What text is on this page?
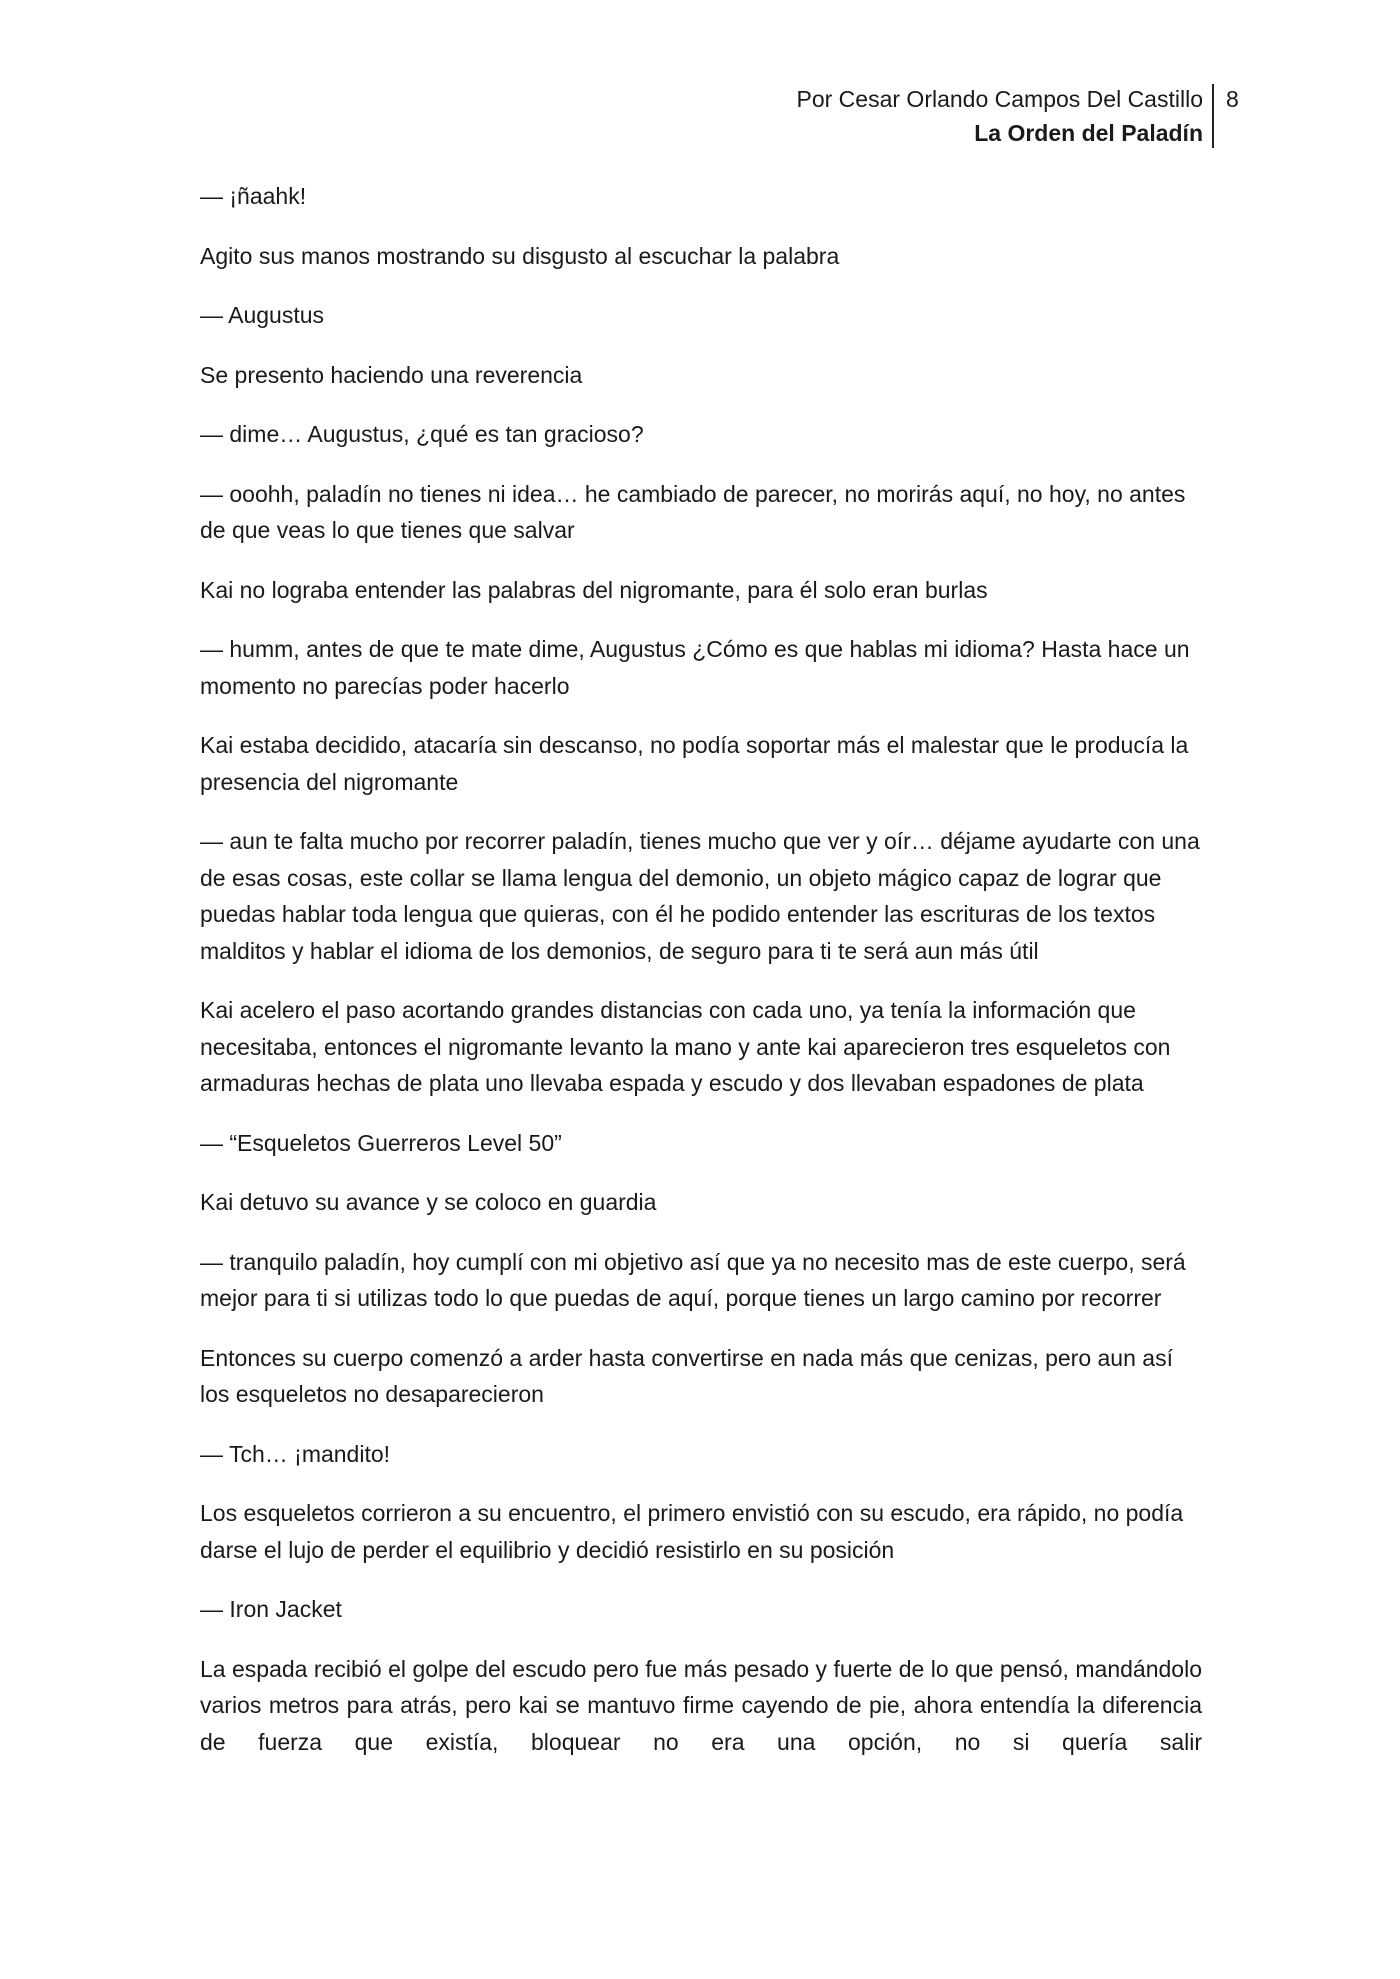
Por Cesar Orlando Campos Del Castillo
La Orden del Paladín
8

— ¡ñaahk!

Agito sus manos mostrando su disgusto al escuchar la palabra

— Augustus

Se presento haciendo una reverencia

— dime… Augustus, ¿qué es tan gracioso?

— ooohh, paladín no tienes ni idea… he cambiado de parecer, no morirás aquí, no hoy, no antes de que veas lo que tienes que salvar

Kai no lograba entender las palabras del nigromante, para él solo eran burlas

— humm, antes de que te mate dime, Augustus ¿Cómo es que hablas mi idioma? Hasta hace un momento no parecías poder hacerlo

Kai estaba decidido, atacaría sin descanso, no podía soportar más el malestar que le producía la presencia del nigromante

— aun te falta mucho por recorrer paladín, tienes mucho que ver y oír… déjame ayudarte con una de esas cosas, este collar se llama lengua del demonio, un objeto mágico capaz de lograr que puedas hablar toda lengua que quieras, con él he podido entender las escrituras de los textos malditos y hablar el idioma de los demonios, de seguro para ti te será aun más útil

Kai acelero el paso acortando grandes distancias con cada uno, ya tenía la información que necesitaba, entonces el nigromante levanto la mano y ante kai aparecieron tres esqueletos con armaduras hechas de plata uno llevaba espada y escudo y dos llevaban espadones de plata

— “Esqueletos Guerreros Level 50”

Kai detuvo su avance y se coloco en guardia

— tranquilo paladín, hoy cumplí con mi objetivo así que ya no necesito mas de este cuerpo, será mejor para ti si utilizas todo lo que puedas de aquí, porque tienes un largo camino por recorrer

Entonces su cuerpo comenzó a arder hasta convertirse en nada más que cenizas, pero aun así los esqueletos no desaparecieron

— Tch… ¡mandito!

Los esqueletos corrieron a su encuentro, el primero envistió con su escudo, era rápido, no podía darse el lujo de perder el equilibrio y decidió resistirlo en su posición

— Iron Jacket

La espada recibió el golpe del escudo pero fue más pesado y fuerte de lo que pensó, mandándolo varios metros para atrás, pero kai se mantuvo firme cayendo de pie, ahora entendía la diferencia de fuerza que existía, bloquear no era una opción, no si quería salir
